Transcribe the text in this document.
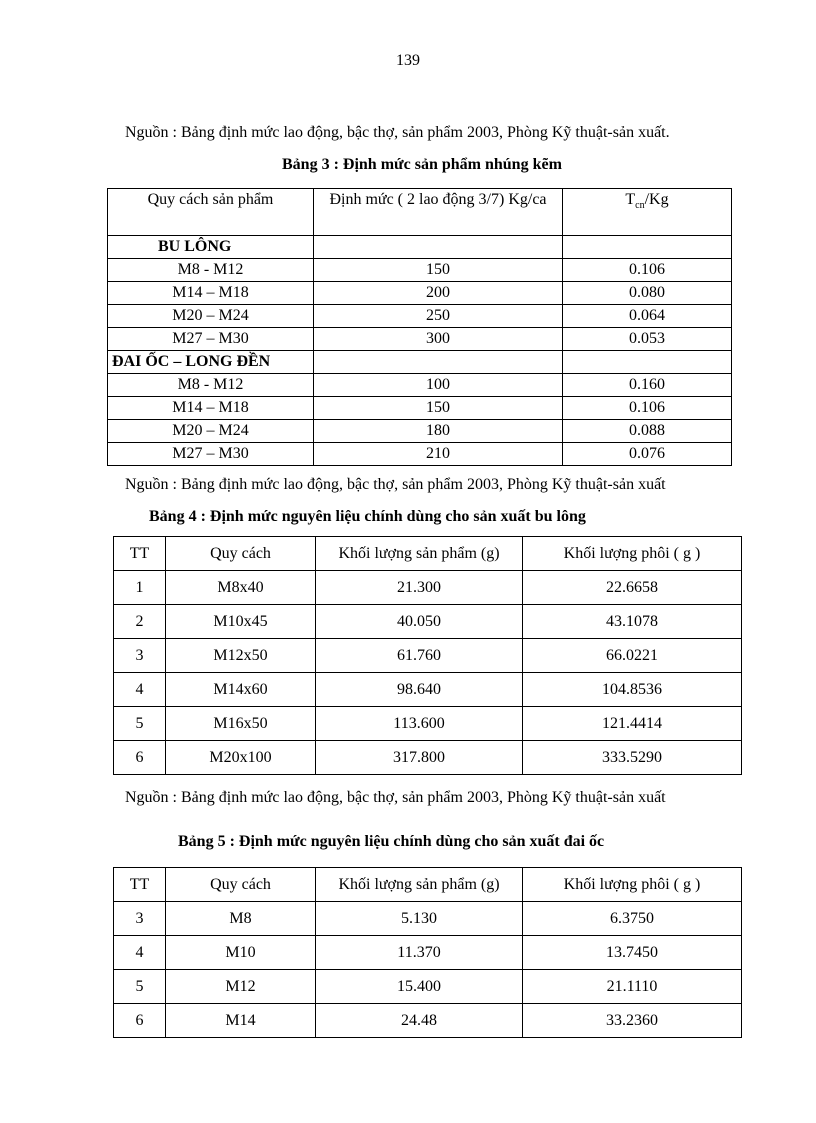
139
Nguồn : Bảng định mức lao động, bậc thợ, sản phẩm 2003, Phòng Kỹ thuật-sản xuất.
Bảng 3 : Định mức sản phẩm nhúng kẽm
Quy cách sản phẩm	Định mức ( 2 lao động 3/7) Kg/ca	$T_{cn}/Kg$
BU LÔNG		
M8 - M12	150	0.106
M14 – M18	200	0.080
M20 – M24	250	0.064
M27 – M30	300	0.053
ĐAI ỐC – LONG ĐỀN		
M8 - M12	100	0.160
M14 – M18	150	0.106
M20 – M24	180	0.088
M27 – M30	210	0.076
Nguồn : Bảng định mức lao động, bậc thợ, sản phẩm 2003, Phòng Kỹ thuật-sản xuất
Bảng 4 : Định mức nguyên liệu chính dùng cho sản xuất bu lông
TT	Quy cách	Khối lượng sản phẩm (g)	Khối lượng phôi ( g )
1	M8x40	21.300	22.6658
2	M10x45	40.050	43.1078
3	M12x50	61.760	66.0221
4	M14x60	98.640	104.8536
5	M16x50	113.600	121.4414
6	M20x100	317.800	333.5290
Nguồn : Bảng định mức lao động, bậc thợ, sản phẩm 2003, Phòng Kỹ thuật-sản xuất
Bảng 5 : Định mức nguyên liệu chính dùng cho sản xuất đai ốc
TT	Quy cách	Khối lượng sản phẩm (g)	Khối lượng phôi ( g )
3	M8	5.130	6.3750
4	M10	11.370	13.7450
5	M12	15.400	21.1110
6	M14	24.48	33.2360
